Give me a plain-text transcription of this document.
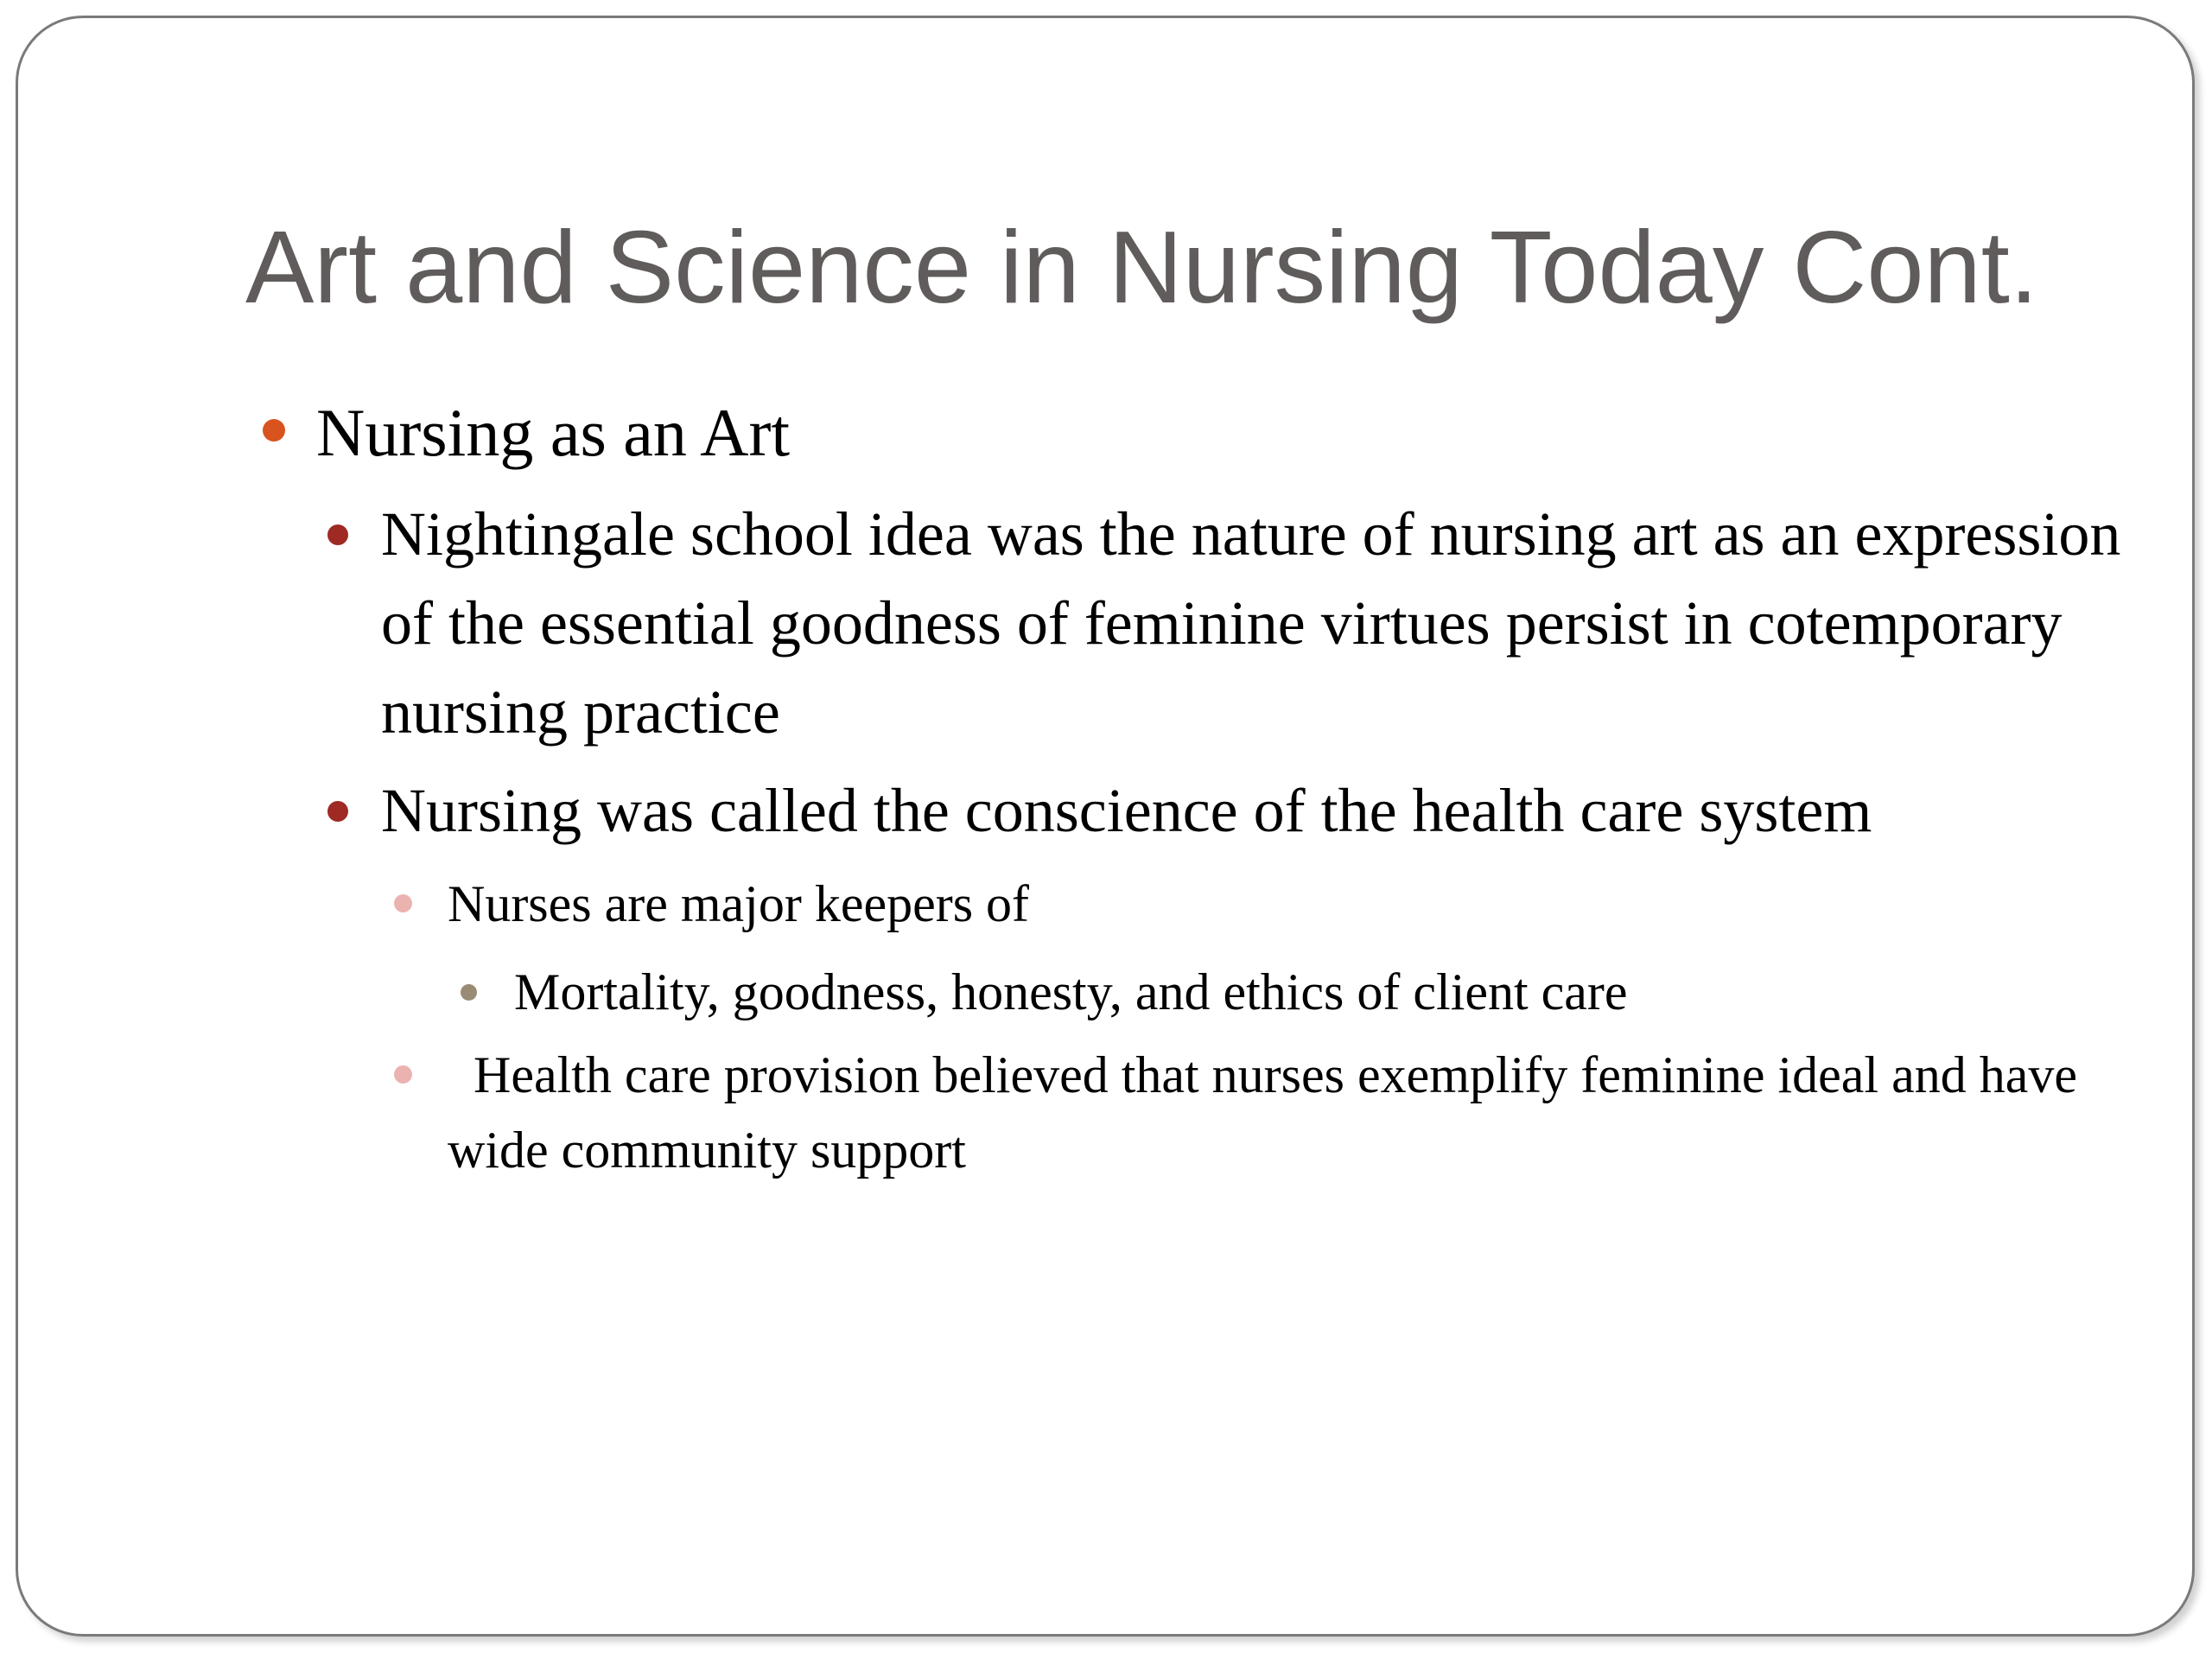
Art and Science in Nursing Today Cont.
Nursing as an Art
Nightingale school idea was the nature of nursing art as an expression of the essential goodness of feminine virtues persist in cotemporary nursing practice
Nursing was called the conscience of the health care system
Nurses are major keepers of
Mortality, goodness, honesty, and ethics of client care
Health care provision believed that nurses exemplify feminine ideal and have wide community support
